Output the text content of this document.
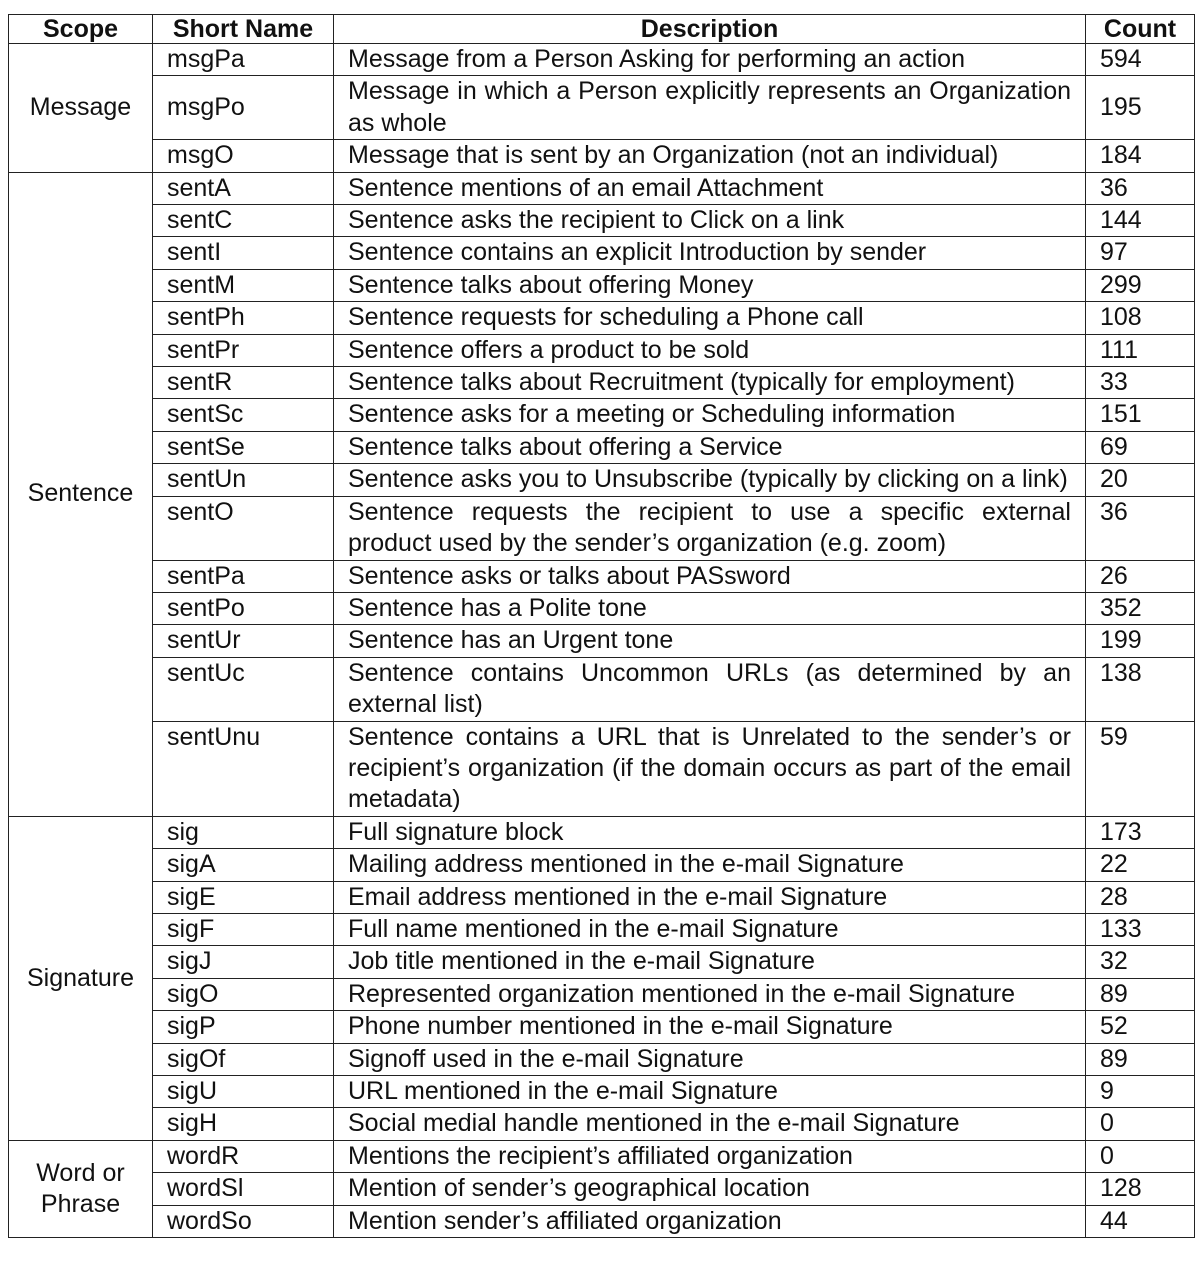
Scope	Short Name	Description	Count
Message	msgPa	Message from a Person Asking for performing an action	594
	msgPo	Message in which a Person explicitly represents an Organization as whole	195
	msgO	Message that is sent by an Organization (not an individual)	184
Sentence	sentA	Sentence mentions of an email Attachment	36
	sentC	Sentence asks the recipient to Click on a link	144
	sentI	Sentence contains an explicit Introduction by sender	97
	sentM	Sentence talks about offering Money	299
	sentPh	Sentence requests for scheduling a Phone call	108
	sentPr	Sentence offers a product to be sold	111
	sentR	Sentence talks about Recruitment (typically for employment)	33
	sentSc	Sentence asks for a meeting or Scheduling information	151
	sentSe	Sentence talks about offering a Service	69
	sentUn	Sentence asks you to Unsubscribe (typically by clicking on a link)	20
	sentO	Sentence requests the recipient to use a specific external product used by the sender’s organization (e.g. zoom)	36
	sentPa	Sentence asks or talks about PASsword	26
	sentPo	Sentence has a Polite tone	352
	sentUr	Sentence has an Urgent tone	199
	sentUc	Sentence contains Uncommon URLs (as determined by an external list)	138
	sentUnu	Sentence contains a URL that is Unrelated to the sender’s or recipient’s organization (if the domain occurs as part of the email metadata)	59
Signature	sig	Full signature block	173
	sigA	Mailing address mentioned in the e-mail Signature	22
	sigE	Email address mentioned in the e-mail Signature	28
	sigF	Full name mentioned in the e-mail Signature	133
	sigJ	Job title mentioned in the e-mail Signature	32
	sigO	Represented organization mentioned in the e-mail Signature	89
	sigP	Phone number mentioned in the e-mail Signature	52
	sigOf	Signoff used in the e-mail Signature	89
	sigU	URL mentioned in the e-mail Signature	9
	sigH	Social medial handle mentioned in the e-mail Signature	0
Word or Phrase	wordR	Mentions the recipient’s affiliated organization	0
	wordSl	Mention of sender’s geographical location	128
	wordSo	Mention sender’s affiliated organization	44
